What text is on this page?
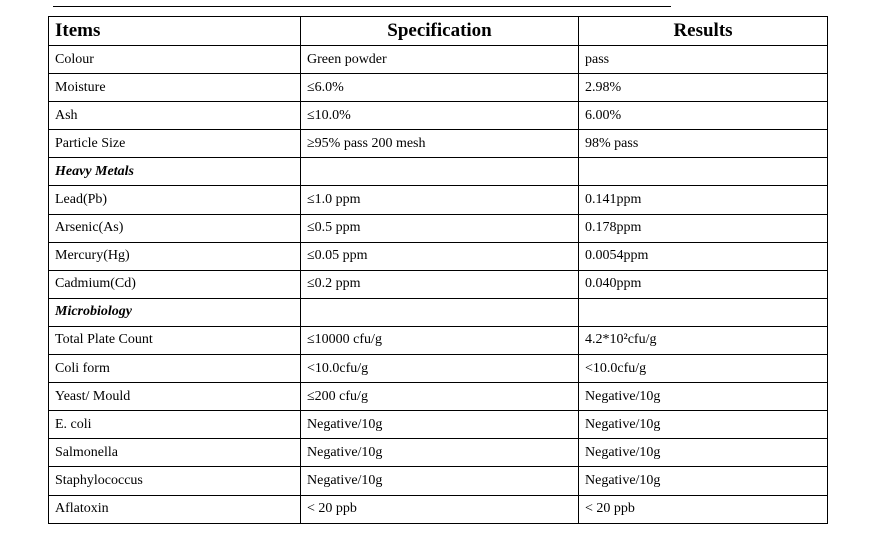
Items	Specification	Results
Colour	Green powder	pass
Moisture	≤6.0%	2.98%
Ash	≤10.0%	6.00%
Particle Size	≥95% pass 200 mesh	98% pass
Heavy Metals		
Lead(Pb)	≤1.0 ppm	0.141ppm
Arsenic(As)	≤0.5 ppm	0.178ppm
Mercury(Hg)	≤0.05 ppm	0.0054ppm
Cadmium(Cd)	≤0.2 ppm	0.040ppm
Microbiology		
Total Plate Count	≤10000 cfu/g	4.2*10²cfu/g
Coli form	<10.0cfu/g	<10.0cfu/g
Yeast/ Mould	≤200 cfu/g	Negative/10g
E. coli	Negative/10g	Negative/10g
Salmonella	Negative/10g	Negative/10g
Staphylococcus	Negative/10g	Negative/10g
Aflatoxin	< 20 ppb	< 20 ppb
